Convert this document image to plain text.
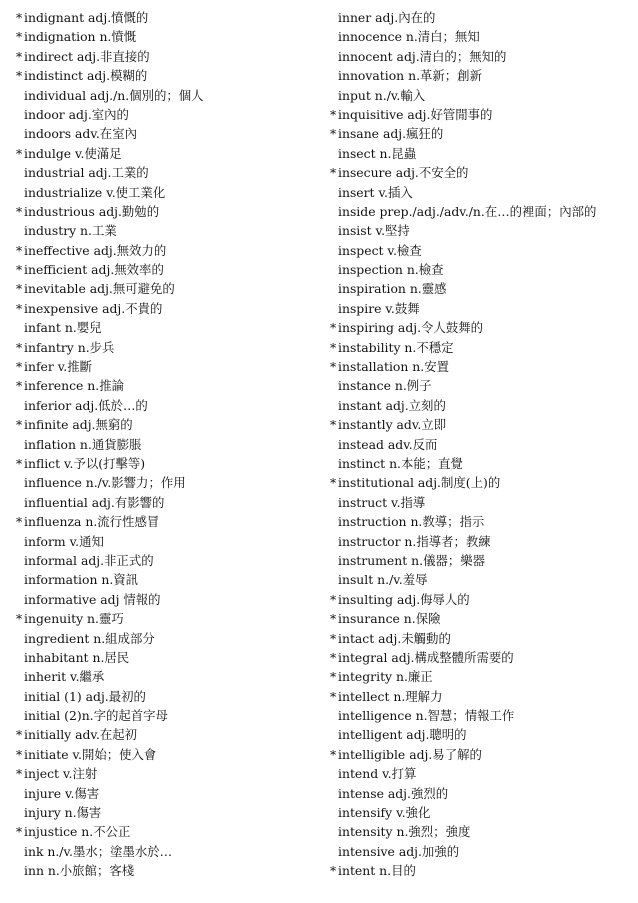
* indignant adj.憤慨的
* indignation n.憤慨
* indirect adj.非直接的
* indistinct adj.模糊的
individual adj./n.個別的；個人
indoor adj.室內的
indoors adv.在室內
* indulge v.使滿足
industrial adj.工業的
industrialize v.使工業化
* industrious adj.勤勉的
industry n.工業
* ineffective adj.無效力的
* inefficient adj.無效率的
* inevitable adj.無可避免的
* inexpensive adj.不貴的
infant n.嬰兒
* infantry n.步兵
* infer v.推斷
* inference n.推論
inferior adj.低於…的
* infinite adj.無窮的
inflation n.通貨膨脹
* inflict v.予以(打擊等)
influence n./v.影響力；作用
influential adj.有影響的
* influenza n.流行性感冒
inform v.通知
informal adj.非正式的
information n.資訊
informative adj 情報的
* ingenuity n.靈巧
ingredient n.組成部分
inhabitant n.居民
inherit v.繼承
initial (1) adj.最初的
initial (2)n.字的起首字母
* initially adv.在起初
* initiate v.開始；使入會
* inject v.注射
injure v.傷害
injury n.傷害
* injustice n.不公正
ink n./v.墨水；塗墨水於…
inn n.小旅館；客棧
inner adj.內在的
innocence n.清白；無知
innocent adj.清白的；無知的
innovation n.革新；創新
input n./v.輸入
* inquisitive adj.好管閒事的
* insane adj.瘋狂的
insect n.昆蟲
* insecure adj.不安全的
insert v.插入
inside prep./adj./adv./n.在…的裡面；內部的
insist v.堅持
inspect v.檢查
inspection n.檢查
inspiration n.靈感
inspire v.鼓舞
* inspiring adj.令人鼓舞的
* instability n.不穩定
* installation n.安置
instance n.例子
instant adj.立刻的
* instantly adv.立即
instead adv.反而
instinct n.本能；直覺
* institutional adj.制度(上)的
instruct v.指導
instruction n.教導；指示
instructor n.指導者；教練
instrument n.儀器；樂器
insult n./v.羞辱
* insulting adj.侮辱人的
* insurance n.保險
* intact adj.未觸動的
* integral adj.構成整體所需要的
* integrity n.廉正
* intellect n.理解力
intelligence n.智慧；情報工作
intelligent adj.聰明的
* intelligible adj.易了解的
intend v.打算
intense adj.強烈的
intensify v.強化
intensity n.強烈；強度
intensive adj.加強的
* intent n.目的
